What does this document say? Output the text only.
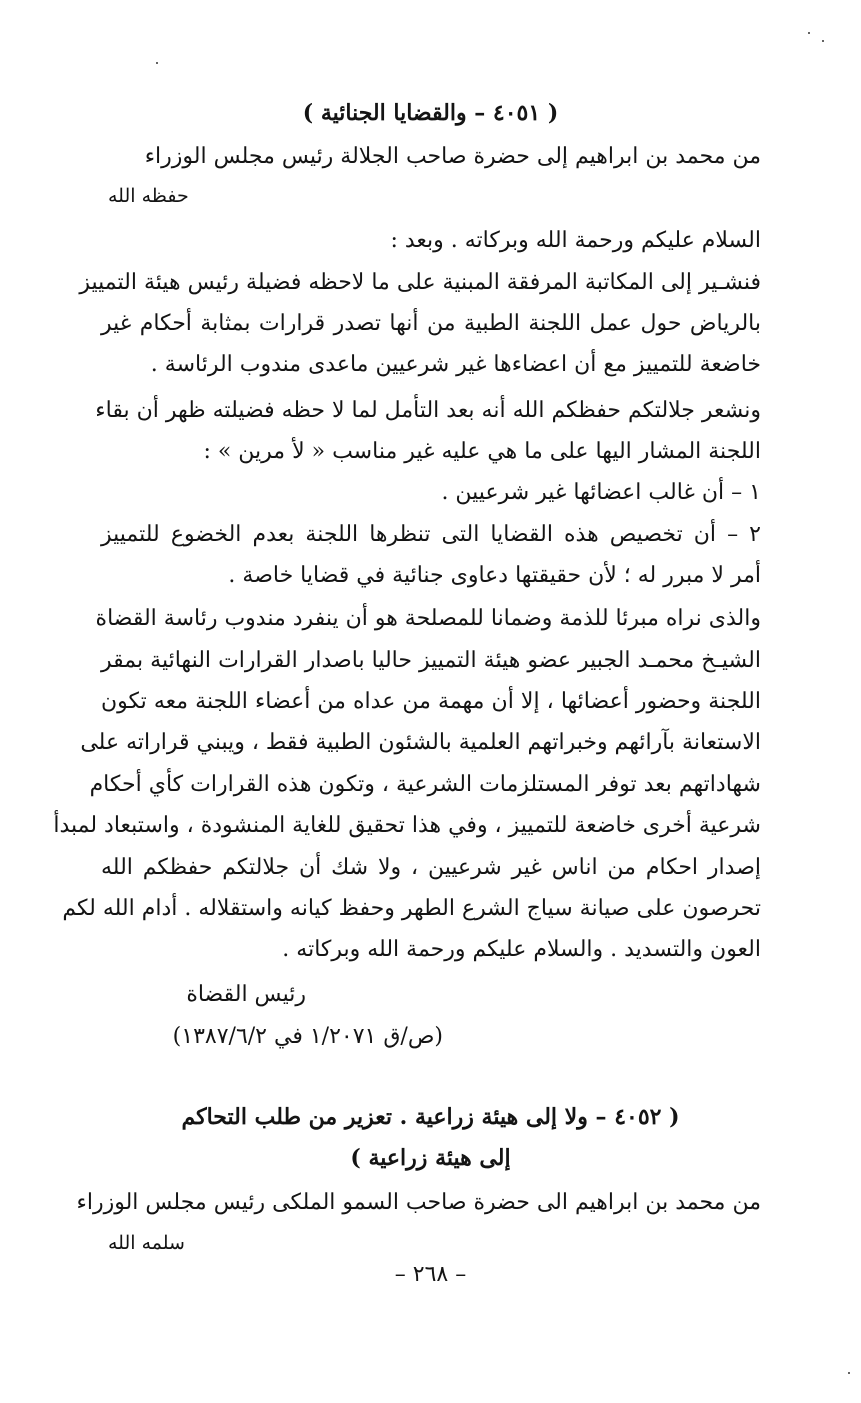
( ٤٠٥١ – والقضايا الجنائية )
من محمد بن ابراهيم إلى حضرة صاحب الجلالة رئيس مجلس الوزراء
حفظه الله
السلام عليكم ورحمة الله وبركاته . وبعد :
فنشـير إلى المكاتبة المرفقة المبنية على ما لاحظه فضيلة رئيس هيئة التمييز
بالرياض حول عمل اللجنة الطبية من أنها تصدر قرارات بمثابة أحكام غير
خاضعة للتمييز مع أن اعضاءها غير شرعيين ماعدى مندوب الرئاسة .
ونشعر جلالتكم حفظكم الله أنه بعد التأمل لما لا حظه فضيلته ظهر أن بقاء
اللجنة المشار اليها على ما هي عليه غير مناسب « لأ مرين » :
١ – أن غالب اعضائها غير شرعيين .
٢ – أن تخصيص هذه القضايا التى تنظرها اللجنة بعدم الخضوع للتمييز
أمر لا مبرر له ؛ لأن حقيقتها دعاوى جنائية في قضايا خاصة .
والذى نراه مبرئا للذمة وضمانا للمصلحة هو أن ينفرد مندوب رئاسة القضاة
الشيـخ محمـد الجبير عضو هيئة التمييز حاليا باصدار القرارات النهائية بمقر
اللجنة وحضور أعضائها ، إلا أن مهمة من عداه من أعضاء اللجنة معه تكون
الاستعانة بآرائهم وخبراتهم العلمية بالشئون الطبية فقط ، ويبني قراراته على
شهاداتهم بعد توفر المستلزمات الشرعية ، وتكون هذه القرارات كأي أحكام
شرعية أخرى خاضعة للتمييز ، وفي هذا تحقيق للغاية المنشودة ، واستبعاد لمبدأ
إصدار احكام من اناس غير شرعيين ، ولا شك أن جلالتكم حفظكم الله
تحرصون على صيانة سياج الشرع الطهر وحفظ كيانه واستقلاله . أدام الله لكم
العون والتسديد . والسلام عليكم ورحمة الله وبركاته .
رئيس القضاة
(ص/ق ١/٢٠٧١ في ١٣٨٧/٦/٢)
( ٤٠٥٢ – ولا إلى هيئة زراعية . تعزير من طلب التحاكم
إلى هيئة زراعية )
من محمد بن ابراهيم الى حضرة صاحب السمو الملكى رئيس مجلس الوزراء
سلمه الله
– ٢٦٨ –
